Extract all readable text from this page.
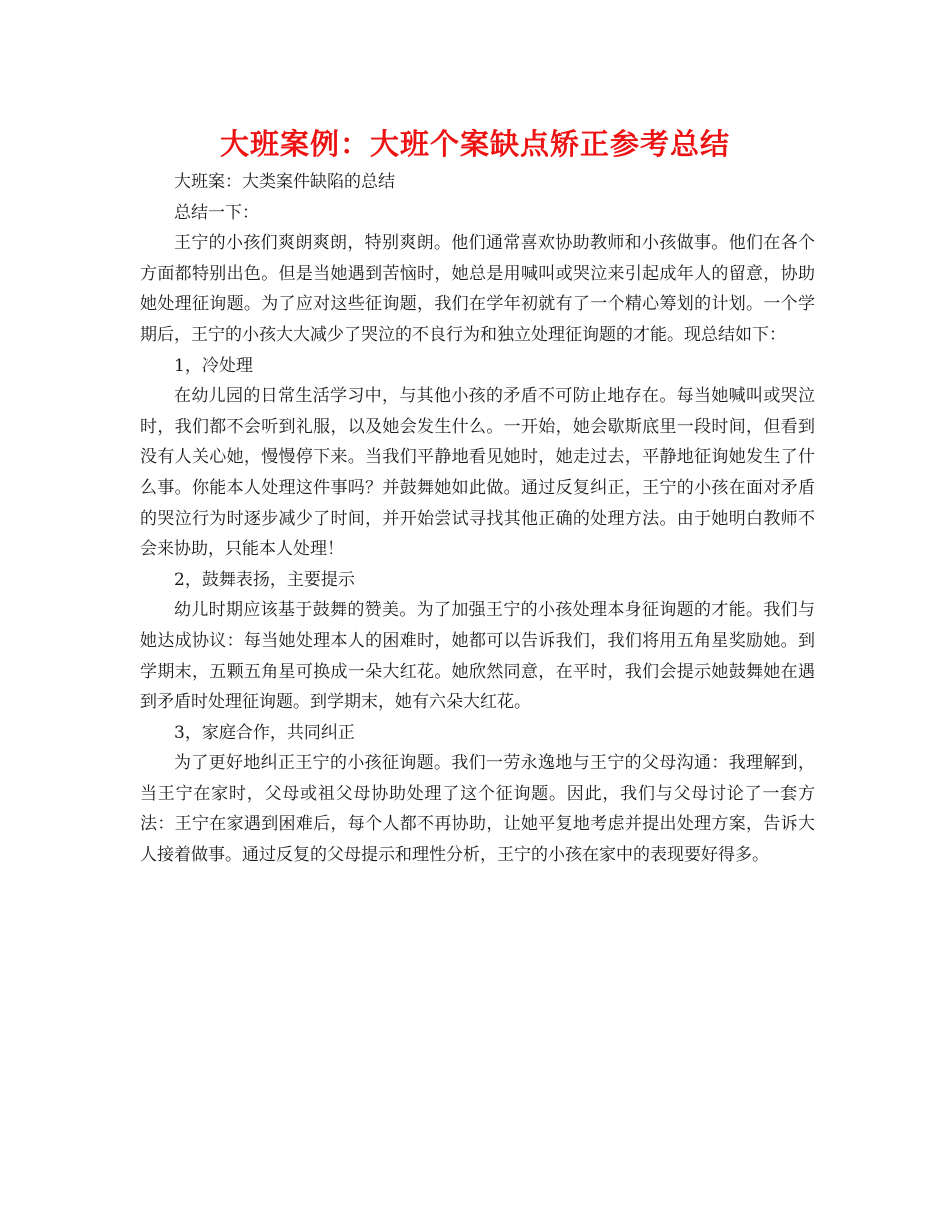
大班案例：大班个案缺点矫正参考总结

大班案：大类案件缺陷的总结

总结一下：

王宁的小孩们爽朗爽朗，特别爽朗。他们通常喜欢协助教师和小孩做事。他们在各个方面都特别出色。但是当她遇到苦恼时，她总是用喊叫或哭泣来引起成年人的留意，协助她处理征询题。为了应对这些征询题，我们在学年初就有了一个精心筹划的计划。一个学期后，王宁的小孩大大减少了哭泣的不良行为和独立处理征询题的才能。现总结如下：

1，冷处理

在幼儿园的日常生活学习中，与其他小孩的矛盾不可防止地存在。每当她喊叫或哭泣时，我们都不会听到礼服，以及她会发生什么。一开始，她会歇斯底里一段时间，但看到没有人关心她，慢慢停下来。当我们平静地看见她时，她走过去，平静地征询她发生了什么事。你能本人处理这件事吗？并鼓舞她如此做。通过反复纠正，王宁的小孩在面对矛盾的哭泣行为时逐步减少了时间，并开始尝试寻找其他正确的处理方法。由于她明白教师不会来协助，只能本人处理！

2，鼓舞表扬，主要提示

幼儿时期应该基于鼓舞的赞美。为了加强王宁的小孩处理本身征询题的才能。我们与她达成协议：每当她处理本人的困难时，她都可以告诉我们，我们将用五角星奖励她。到学期末，五颗五角星可换成一朵大红花。她欣然同意，在平时，我们会提示她鼓舞她在遇到矛盾时处理征询题。到学期末，她有六朵大红花。

3，家庭合作，共同纠正

为了更好地纠正王宁的小孩征询题。我们一劳永逸地与王宁的父母沟通：我理解到，当王宁在家时，父母或祖父母协助处理了这个征询题。因此，我们与父母讨论了一套方法：王宁在家遇到困难后，每个人都不再协助，让她平复地考虑并提出处理方案，告诉大人接着做事。通过反复的父母提示和理性分析，王宁的小孩在家中的表现要好得多。
